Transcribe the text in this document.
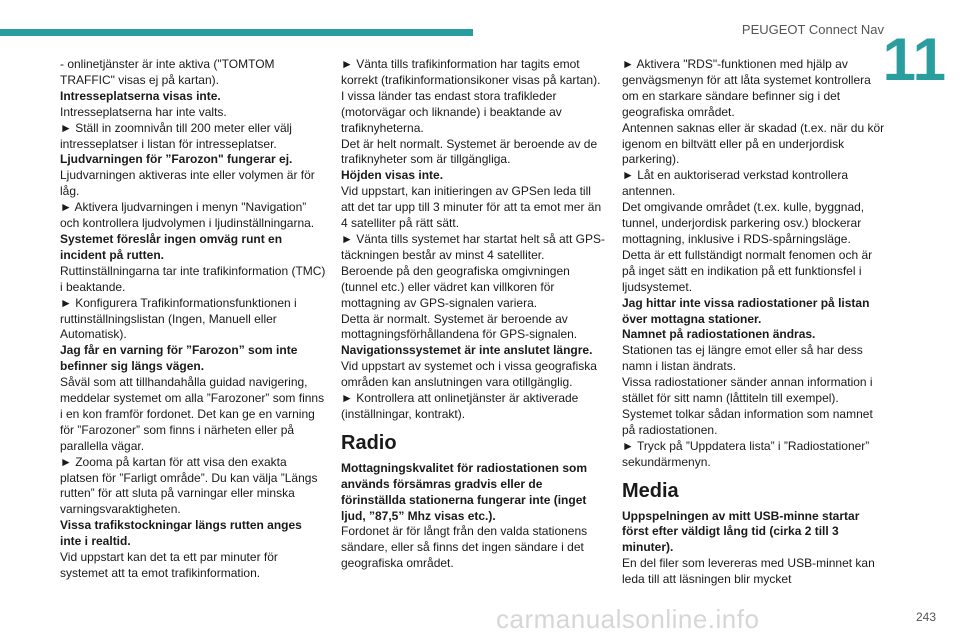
PEUGEOT Connect Nav
11

- onlinetjänster är inte aktiva ("TOMTOM TRAFFIC" visas ej på kartan).

Intresseplatserna visas inte.

Intresseplatserna har inte valts.

► Ställ in zoomnivån till 200 meter eller välj intresseplatser i listan för intresseplatser.

Ljudvarningen för ”Farozon" fungerar ej.

Ljudvarningen aktiveras inte eller volymen är för låg.

► Aktivera ljudvarningen i menyn "Navigation” och kontrollera ljudvolymen i ljudinställningarna.

Systemet föreslår ingen omväg runt en incident på rutten.

Ruttinställningarna tar inte trafikinformation (TMC) i beaktande.

► Konfigurera Trafikinformationsfunktionen i ruttinställningslistan (Ingen, Manuell eller Automatisk).

Jag får en varning för ”Farozon” som inte befinner sig längs vägen.

Såväl som att tillhandahålla guidad navigering, meddelar systemet om alla ”Farozoner” som finns i en kon framför fordonet. Det kan ge en varning för ”Farozoner” som finns i närheten eller på parallella vägar.

► Zooma på kartan för att visa den exakta platsen för ”Farligt område”. Du kan välja ”Längs rutten” för att sluta på varningar eller minska varningsvaraktigheten.

Vissa trafikstockningar längs rutten anges inte i realtid.

Vid uppstart kan det ta ett par minuter för systemet att ta emot trafikinformation.

► Vänta tills trafikinformation har tagits emot korrekt (trafikinformationsikoner visas på kartan).

I vissa länder tas endast stora trafikleder (motorvägar och liknande) i beaktande av trafiknyheterna.

Det är helt normalt. Systemet är beroende av de trafiknyheter som är tillgängliga.

Höjden visas inte.

Vid uppstart, kan initieringen av GPSen leda till att det tar upp till 3 minuter för att ta emot mer än 4 satelliter på rätt sätt.

► Vänta tills systemet har startat helt så att GPS-täckningen består av minst 4 satelliter.

Beroende på den geografiska omgivningen (tunnel etc.) eller vädret kan villkoren för mottagning av GPS-signalen variera.

Detta är normalt. Systemet är beroende av mottagningsförhållandena för GPS-signalen.

Navigationssystemet är inte anslutet längre.

Vid uppstart av systemet och i vissa geografiska områden kan anslutningen vara otillgänglig.

► Kontrollera att onlinetjänster är aktiverade (inställningar, kontrakt).

Radio

Mottagningskvalitet för radiostationen som används försämras gradvis eller de förinställda stationerna fungerar inte (inget ljud, ”87,5” Mhz visas etc.).

Fordonet är för långt från den valda stationens sändare, eller så finns det ingen sändare i det geografiska området.

► Aktivera "RDS"-funktionen med hjälp av genvägsmenyn för att låta systemet kontrollera om en starkare sändare befinner sig i det geografiska området.

Antennen saknas eller är skadad (t.ex. när du kör igenom en biltvätt eller på en underjordisk parkering).

► Låt en auktoriserad verkstad kontrollera antennen.

Det omgivande området (t.ex. kulle, byggnad, tunnel, underjordisk parkering osv.) blockerar mottagning, inklusive i RDS-spårningsläge.

Detta är ett fullständigt normalt fenomen och är på inget sätt en indikation på ett funktionsfel i ljudsystemet.

Jag hittar inte vissa radiostationer på listan över mottagna stationer.

Namnet på radiostationen ändras.

Stationen tas ej längre emot eller så har dess namn i listan ändrats.

Vissa radiostationer sänder annan information i stället för sitt namn (låttiteln till exempel).

Systemet tolkar sådan information som namnet på radiostationen.

► Tryck på ”Uppdatera lista” i ”Radiostationer” sekundärmenyn.

Media

Uppspelningen av mitt USB-minne startar först efter väldigt lång tid (cirka 2 till 3 minuter).

En del filer som levereras med USB-minnet kan leda till att läsningen blir mycket

carmanualsonline.info	243
